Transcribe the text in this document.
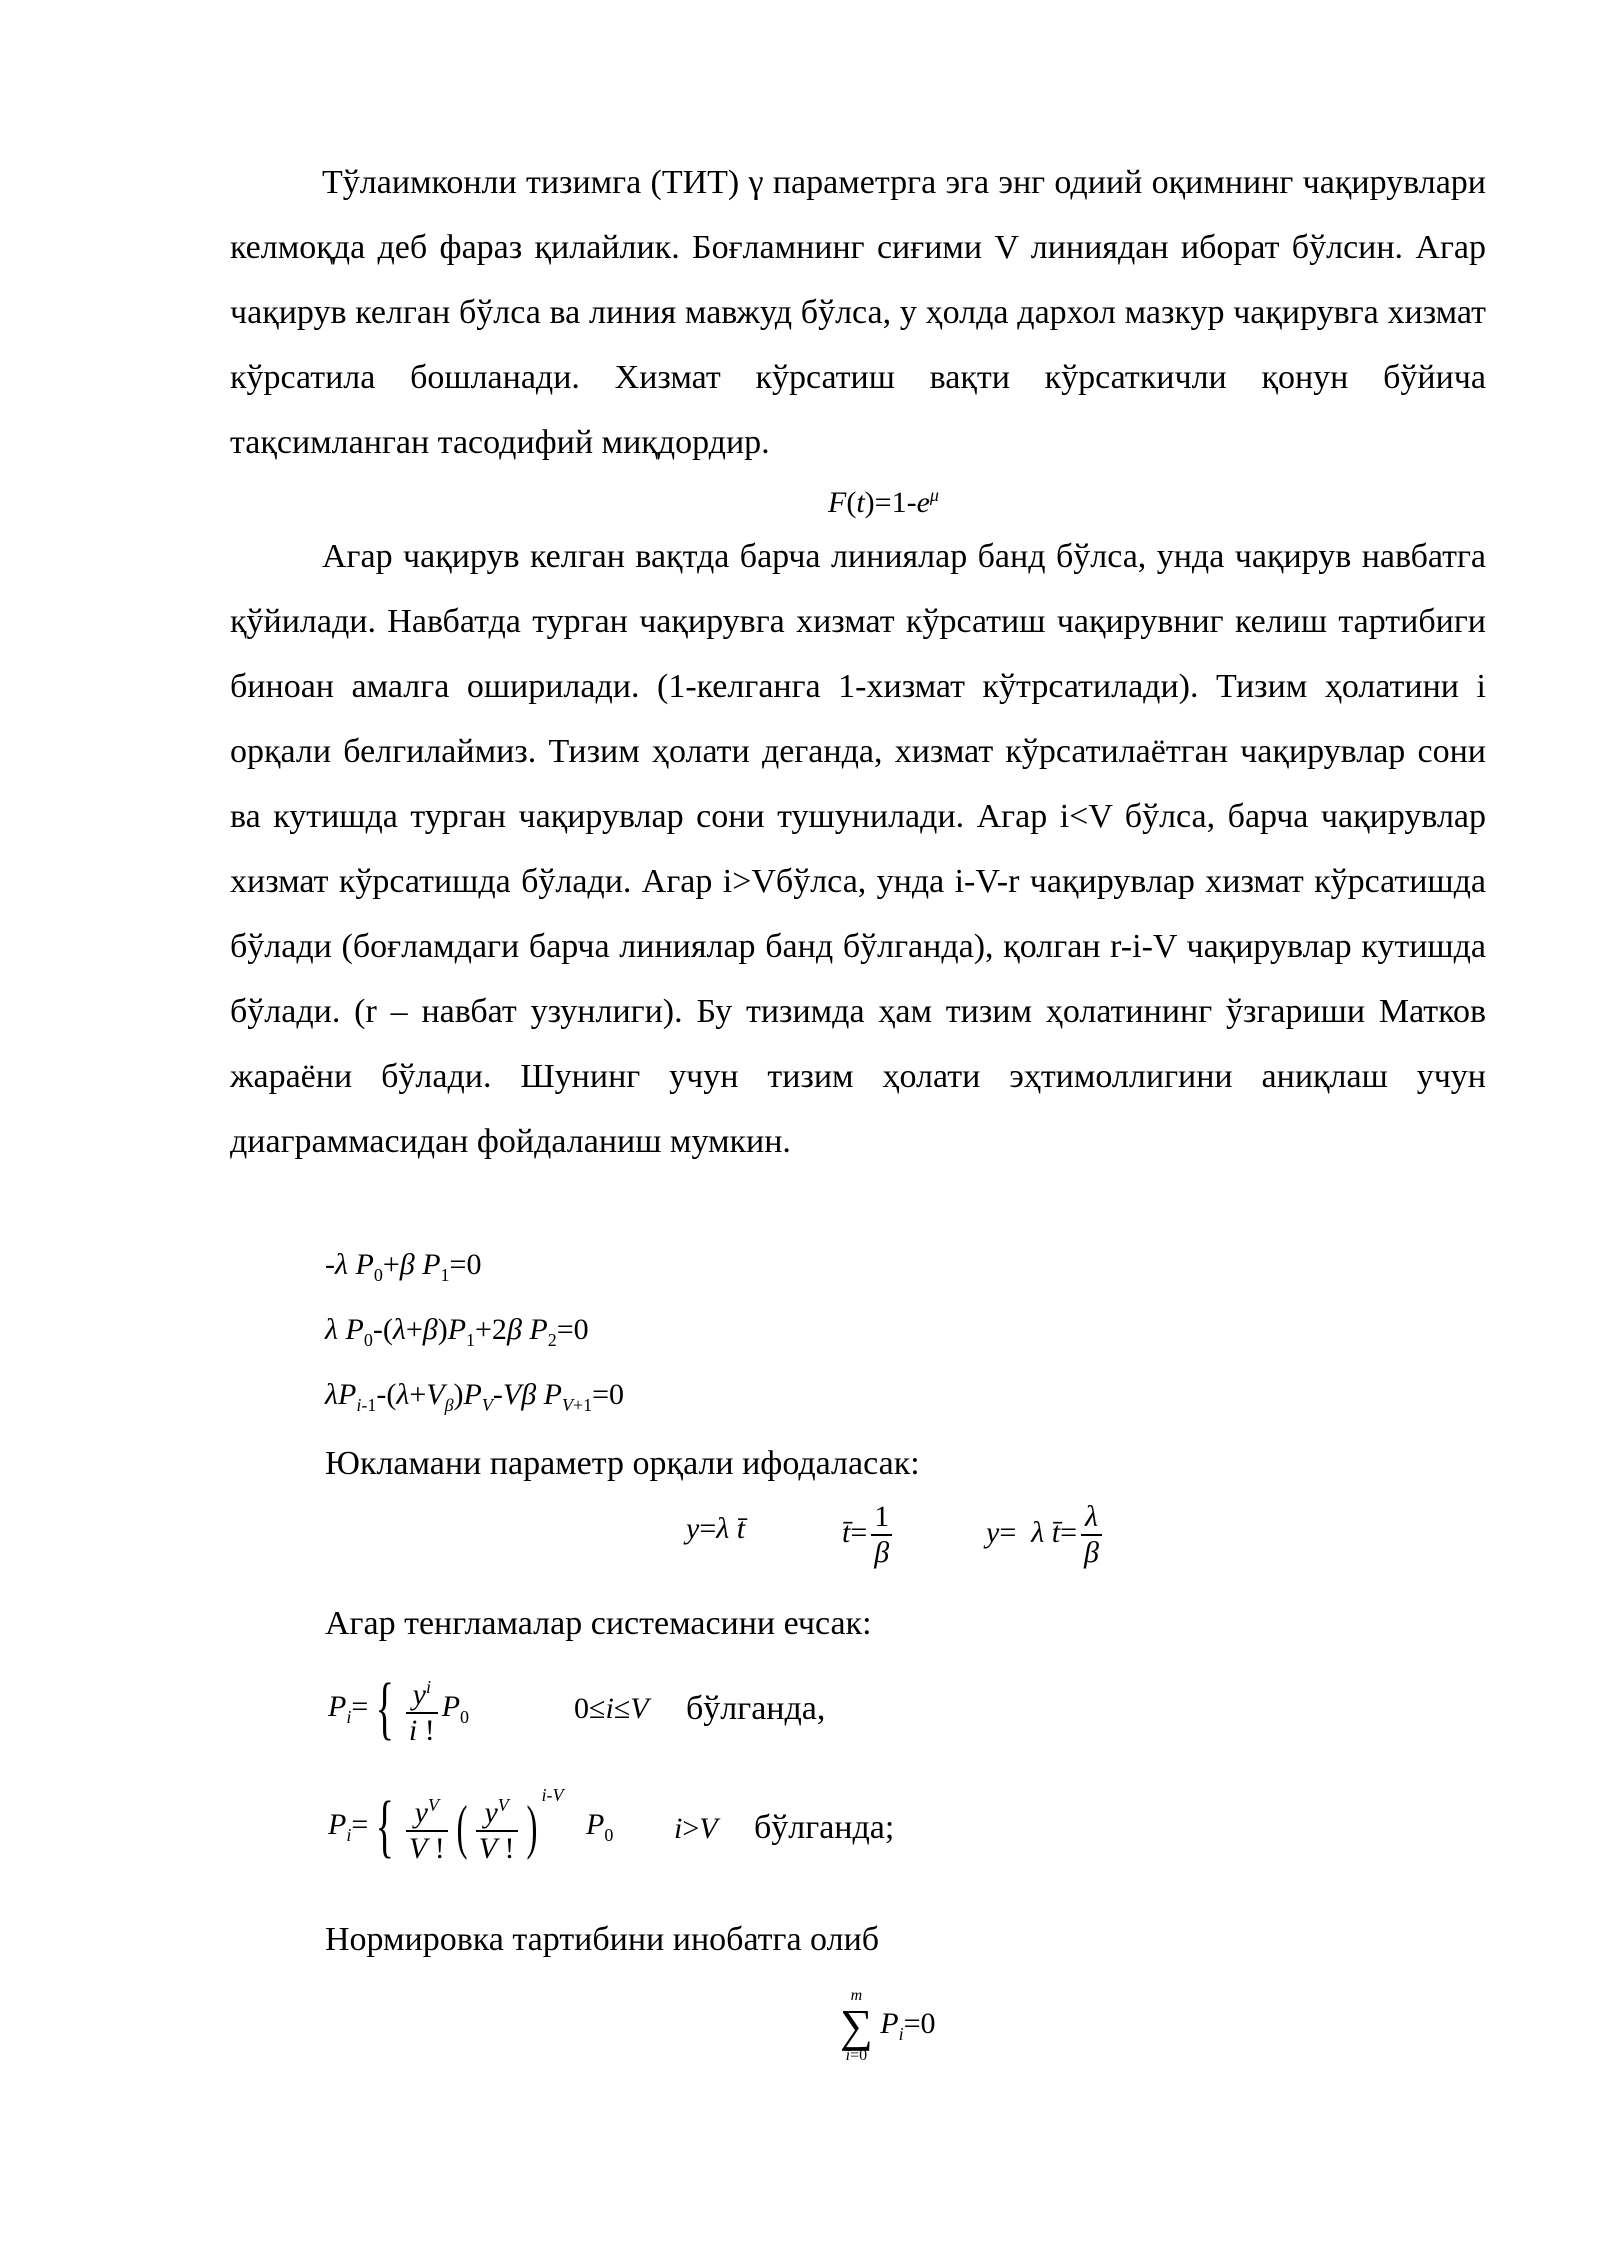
Тўлаимконли тизимга (ТИТ) γ параметрга эга энг одиий оқимнинг чақирувлари келмоқда деб фараз қилайлик. Боғламнинг сиғими V линиядан иборат бўлсин. Агар чақирув келган бўлса ва линия мавжуд бўлса, у ҳолда дархол мазкур чақирувга хизмат кўрсатила бошланади. Хизмат кўрсатиш вақти кўрсаткичли қонун бўйича тақсимланган тасодифий миқдордир.

$F(t)=1-e^\mu$

Агар чақирув келган вақтда барча линиялар банд бўлса, унда чақирув навбатга қўйилади. Навбатда турган чақирувга хизмат кўрсатиш чақирувниг келиш тартибиги биноан амалга оширилади. (1-келганга 1-хизмат кўтрсатилади). Тизим ҳолатини i орқали белгилаймиз. Тизим ҳолати деганда, хизмат кўрсатилаётган чақирувлар сони ва кутишда турган чақирувлар сони тушунилади. Агар i<V бўлса, барча чақирувлар хизмат кўрсатишда бўлади. Агар i>Vбўлса, унда i-V-r чақирувлар хизмат кўрсатишда бўлади (боғламдаги барча линиялар банд бўлганда), қолган r-i-V чақирувлар кутишда бўлади. (r – навбат узунлиги). Бу тизимда ҳам тизим ҳолатининг ўзгариши Матков жараёни бўлади. Шунинг учун тизим ҳолати эҳтимоллигини аниқлаш учун диаграммасидан фойдаланиш мумкин.

-λ $P_0+\beta$ $P_1=0$
λ $P_0-(\lambda+\beta)P_1+2\beta$ $P_2=0$
$\lambda P_{i-1}-(\lambda+V_\beta)P_V-V\beta$ $P_{V+1}=0$
Юкламани параметр орқали ифодаласак:
y=λ t̄	t̄= $\frac{1}{\beta}$	y=  λ t̄= $\frac{\lambda}{\beta}$
Агар тенгламалар системасини ечсак:
$P_i=$ { $\frac{y^i}{i !} P_0$	0≤i≤V бўлганда,
$P_i=$ { $\frac{y^V}{V !}$ ( $\frac{y^V}{V !}$ ) $^{i-V}$   $P_0$ i>V бўлганда;
Нормировка тартибини инобатга олиб
m
∑
i=0
$P_i=0$
